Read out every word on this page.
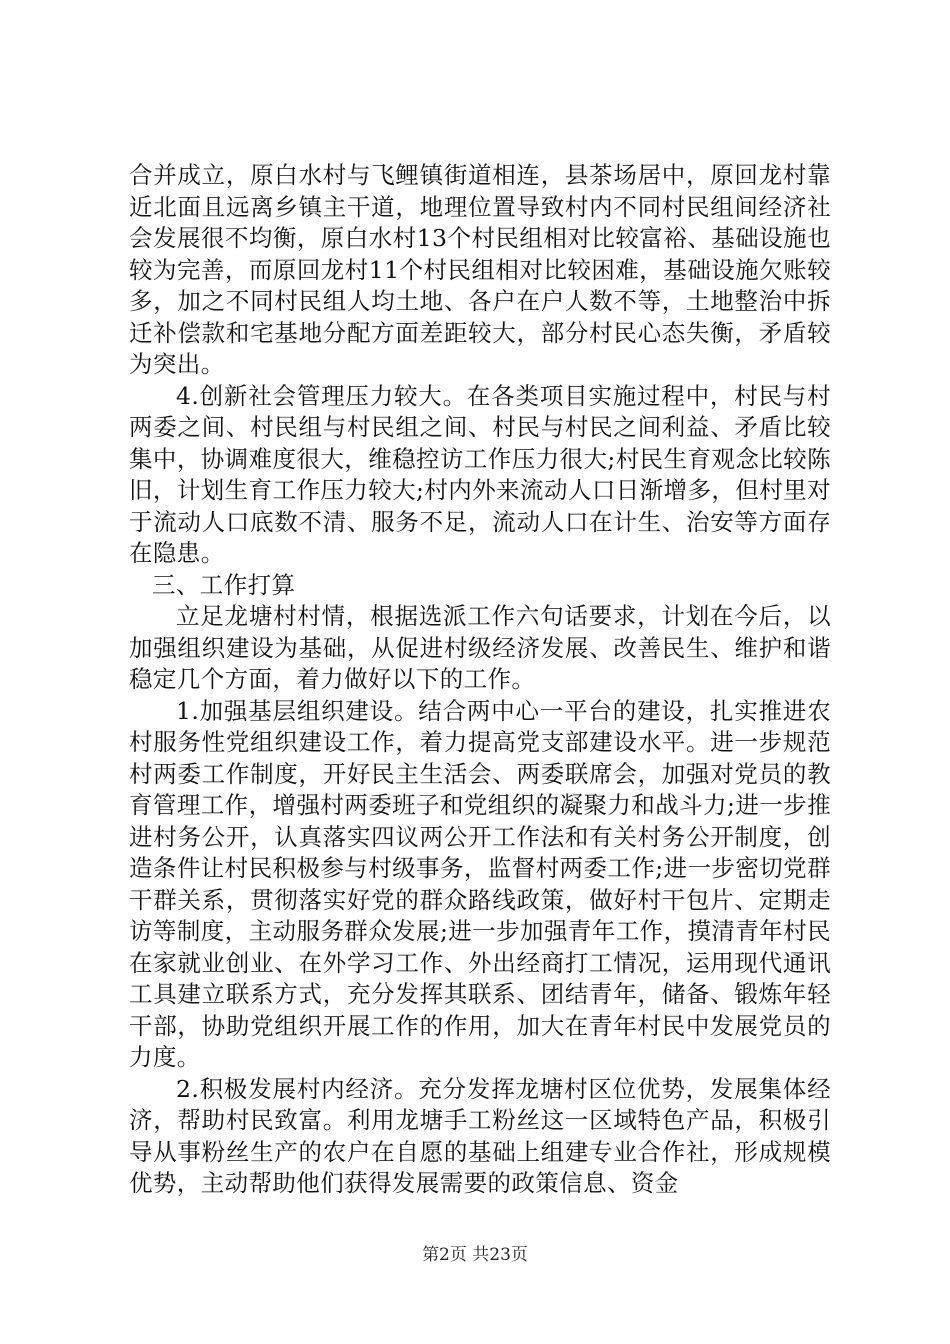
合并成立，原白水村与飞鲤镇街道相连，县茶场居中，原回龙村靠近北面且远离乡镇主干道，地理位置导致村内不同村民组间经济社会发展很不均衡，原白水村13个村民组相对比较富裕、基础设施也较为完善，而原回龙村11个村民组相对比较困难，基础设施欠账较多，加之不同村民组人均土地、各户在户人数不等，土地整治中拆迁补偿款和宅基地分配方面差距较大，部分村民心态失衡，矛盾较为突出。

4.创新社会管理压力较大。在各类项目实施过程中，村民与村两委之间、村民组与村民组之间、村民与村民之间利益、矛盾比较集中，协调难度很大，维稳控访工作压力很大;村民生育观念比较陈旧，计划生育工作压力较大;村内外来流动人口日渐增多，但村里对于流动人口底数不清、服务不足，流动人口在计生、治安等方面存在隐患。

三、工作打算

立足龙塘村村情，根据选派工作六句话要求，计划在今后，以加强组织建设为基础，从促进村级经济发展、改善民生、维护和谐稳定几个方面，着力做好以下的工作。

1.加强基层组织建设。结合两中心一平台的建设，扎实推进农村服务性党组织建设工作，着力提高党支部建设水平。进一步规范村两委工作制度，开好民主生活会、两委联席会，加强对党员的教育管理工作，增强村两委班子和党组织的凝聚力和战斗力;进一步推进村务公开，认真落实四议两公开工作法和有关村务公开制度，创造条件让村民积极参与村级事务，监督村两委工作;进一步密切党群干群关系，贯彻落实好党的群众路线政策，做好村干包片、定期走访等制度，主动服务群众发展;进一步加强青年工作，摸清青年村民在家就业创业、在外学习工作、外出经商打工情况，运用现代通讯工具建立联系方式，充分发挥其联系、团结青年，储备、锻炼年轻干部，协助党组织开展工作的作用，加大在青年村民中发展党员的力度。

2.积极发展村内经济。充分发挥龙塘村区位优势，发展集体经济，帮助村民致富。利用龙塘手工粉丝这一区域特色产品，积极引导从事粉丝生产的农户在自愿的基础上组建专业合作社，形成规模优势，主动帮助他们获得发展需要的政策信息、资金

第2页 共23页
